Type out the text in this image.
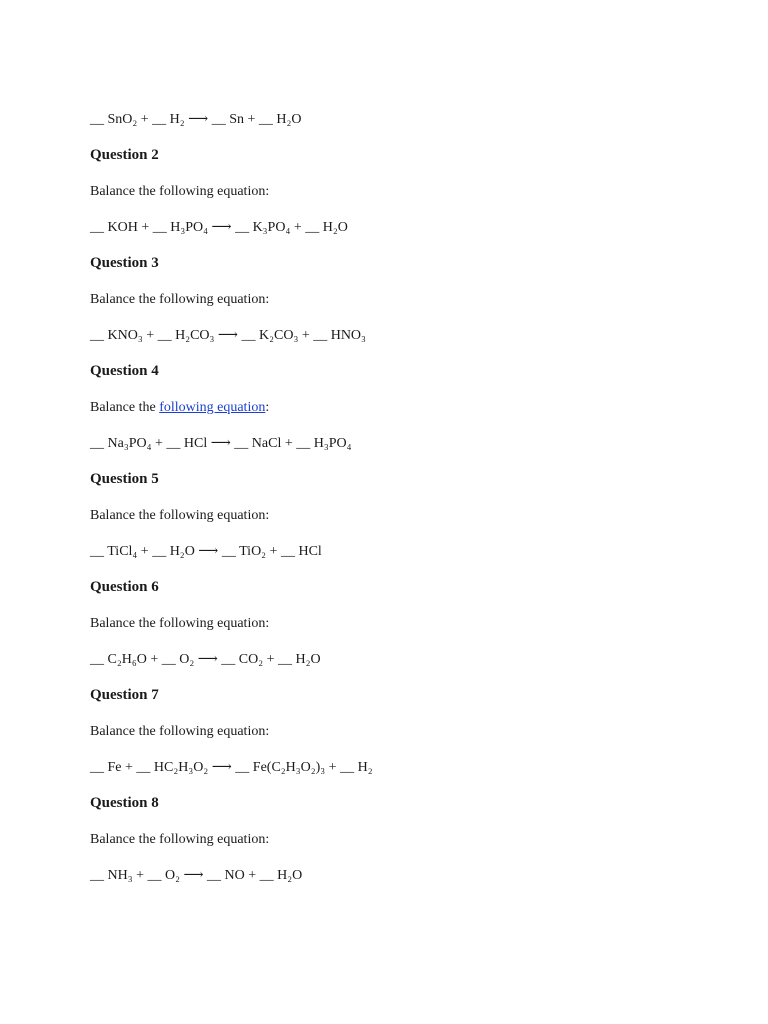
__ SnO₂ + __ H₂ ⟶ __ Sn + __ H₂O
Question 2
Balance the following equation:
__ KOH + __ H₃PO₄ ⟶ __ K₃PO₄ + __ H₂O
Question 3
Balance the following equation:
__ KNO₃ + __ H₂CO₃ ⟶ __ K₂CO₃ + __ HNO₃
Question 4
Balance the following equation:
__ Na₃PO₄ + __ HCl ⟶ __ NaCl + __ H₃PO₄
Question 5
Balance the following equation:
__ TiCl₄ + __ H₂O ⟶ __ TiO₂ + __ HCl
Question 6
Balance the following equation:
__ C₂H₆O + __ O₂ ⟶ __ CO₂ + __ H₂O
Question 7
Balance the following equation:
__ Fe + __ HC₂H₃O₂ ⟶ __ Fe(C₂H₃O₂)₃ + __ H₂
Question 8
Balance the following equation:
__ NH₃ + __ O₂ ⟶ __ NO + __ H₂O
